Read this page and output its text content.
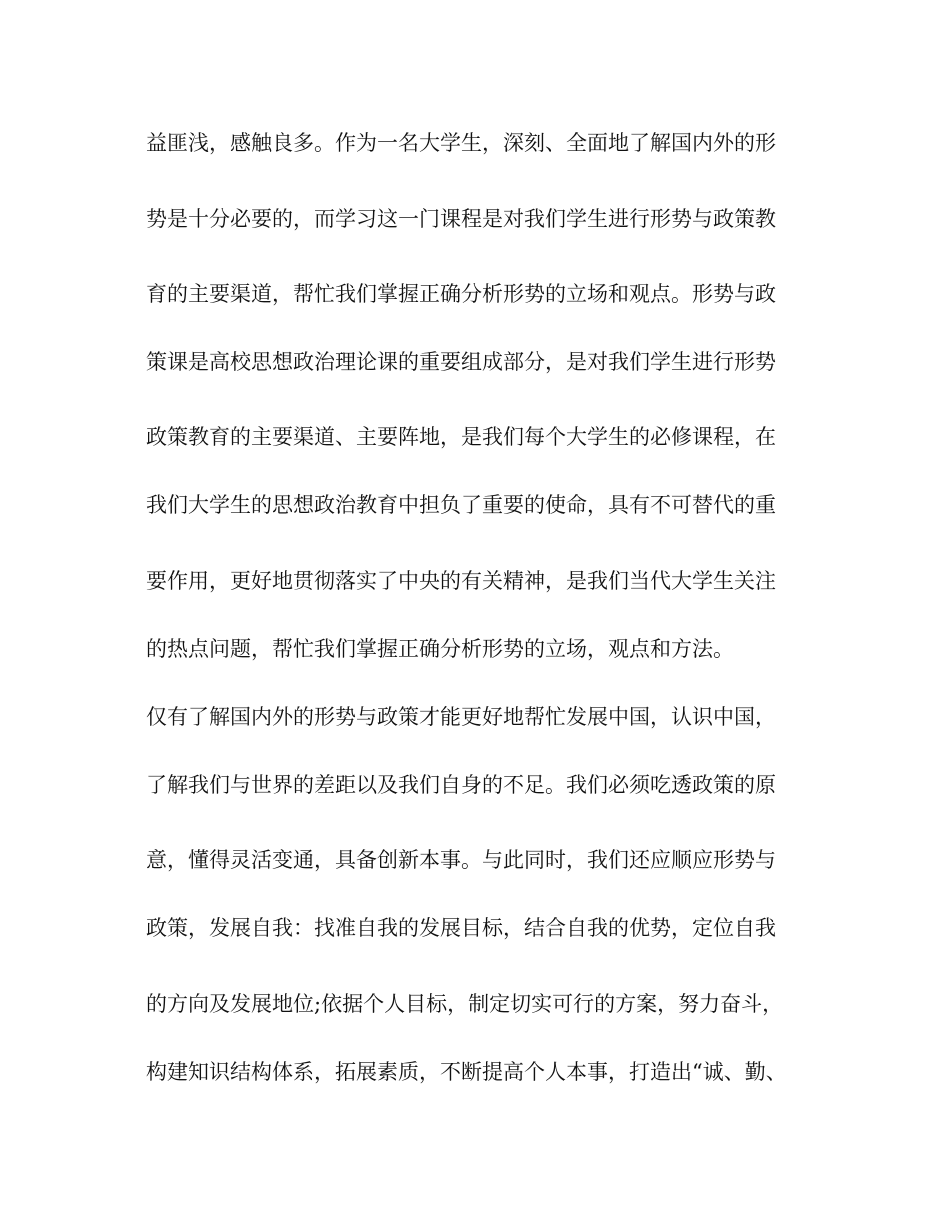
益匪浅，感触良多。作为一名大学生，深刻、全面地了解国内外的形
势是十分必要的，而学习这一门课程是对我们学生进行形势与政策教
育的主要渠道，帮忙我们掌握正确分析形势的立场和观点。形势与政
策课是高校思想政治理论课的重要组成部分，是对我们学生进行形势
政策教育的主要渠道、主要阵地，是我们每个大学生的必修课程，在
我们大学生的思想政治教育中担负了重要的使命，具有不可替代的重
要作用，更好地贯彻落实了中央的有关精神，是我们当代大学生关注
的热点问题，帮忙我们掌握正确分析形势的立场，观点和方法。
仅有了解国内外的形势与政策才能更好地帮忙发展中国，认识中国，
了解我们与世界的差距以及我们自身的不足。我们必须吃透政策的原
意，懂得灵活变通，具备创新本事。与此同时，我们还应顺应形势与
政策，发展自我：找准自我的发展目标，结合自我的优势，定位自我
的方向及发展地位;依据个人目标，制定切实可行的方案，努力奋斗，
构建知识结构体系，拓展素质，不断提高个人本事，打造出“诚、勤、
